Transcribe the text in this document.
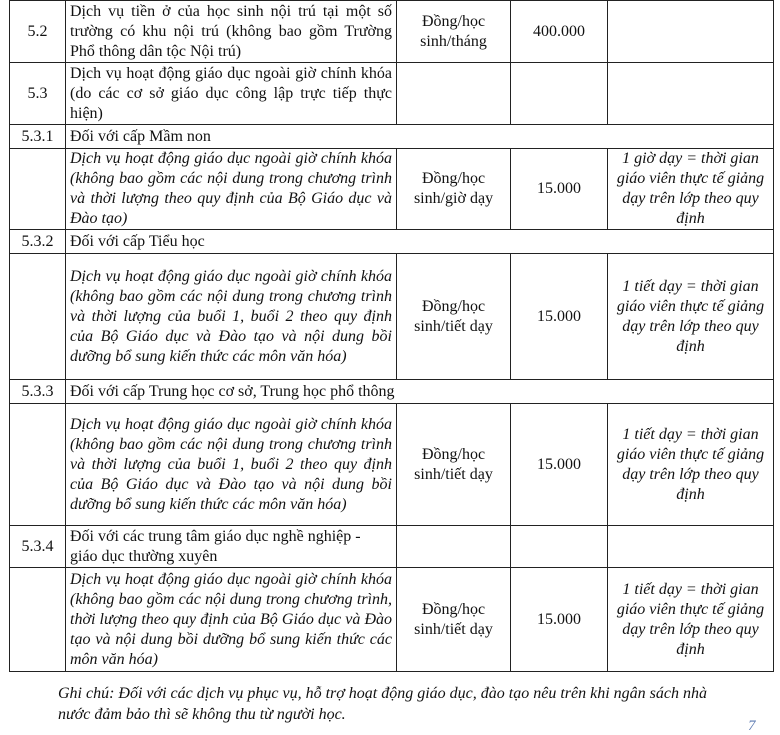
5.2	Dịch vụ tiền ở của học sinh nội trú tại một số trường có khu nội trú (không bao gồm Trường Phổ thông dân tộc Nội trú)	Đồng/học sinh/tháng	400.000	
5.3	Dịch vụ hoạt động giáo dục ngoài giờ chính khóa (do các cơ sở giáo dục công lập trực tiếp thực hiện)			
5.3.1	Đối với cấp Mầm non			
	Dịch vụ hoạt động giáo dục ngoài giờ chính khóa (không bao gồm các nội dung trong chương trình và thời lượng theo quy định của Bộ Giáo dục và Đào tạo)	Đồng/học sinh/giờ dạy	15.000	1 giờ dạy = thời gian giáo viên thực tế giảng dạy trên lớp theo quy định
5.3.2	Đối với cấp Tiểu học			
	Dịch vụ hoạt động giáo dục ngoài giờ chính khóa (không bao gồm các nội dung trong chương trình và thời lượng của buổi 1, buổi 2 theo quy định của Bộ Giáo dục và Đào tạo và nội dung bồi dưỡng bổ sung kiến thức các môn văn hóa)	Đồng/học sinh/tiết dạy	15.000	1 tiết dạy = thời gian giáo viên thực tế giảng dạy trên lớp theo quy định
5.3.3	Đối với cấp Trung học cơ sở, Trung học phổ thông			
	Dịch vụ hoạt động giáo dục ngoài giờ chính khóa (không bao gồm các nội dung trong chương trình và thời lượng của buổi 1, buổi 2 theo quy định của Bộ Giáo dục và Đào tạo và nội dung bồi dưỡng bổ sung kiến thức các môn văn hóa)	Đồng/học sinh/tiết dạy	15.000	1 tiết dạy = thời gian giáo viên thực tế giảng dạy trên lớp theo quy định
5.3.4	Đối với các trung tâm giáo dục nghề nghiệp - giáo dục thường xuyên			
	Dịch vụ hoạt động giáo dục ngoài giờ chính khóa (không bao gồm các nội dung trong chương trình, thời lượng theo quy định của Bộ Giáo dục và Đào tạo và nội dung bồi dưỡng bổ sung kiến thức các môn văn hóa)	Đồng/học sinh/tiết dạy	15.000	1 tiết dạy = thời gian giáo viên thực tế giảng dạy trên lớp theo quy định
Ghi chú: Đối với các dịch vụ phục vụ, hỗ trợ hoạt động giáo dục, đào tạo nêu trên khi ngân sách nhà nước đảm bảo thì sẽ không thu từ người học.
7
